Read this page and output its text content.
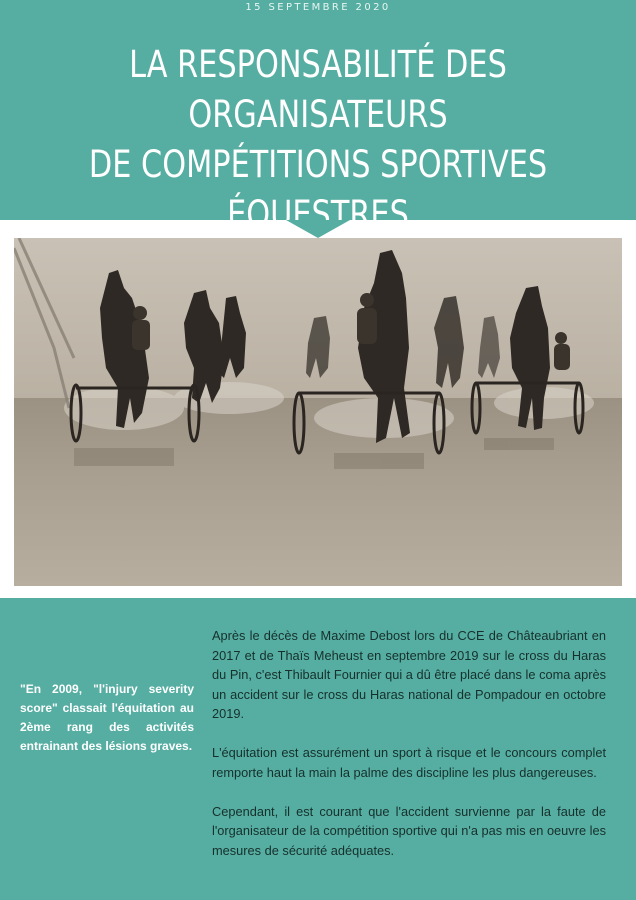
15 SEPTEMBRE 2020
LA RESPONSABILITÉ DES ORGANISATEURS
DE COMPÉTITIONS SPORTIVES ÉQUESTRES
"En 2009, "l'injury severity score" classait l'équitation au 2ème rang des activités entrainant des lésions graves.

Après le décès de Maxime Debost lors du CCE de Châteaubriant en 2017 et de Thaïs Meheust en septembre 2019 sur le cross du Haras du Pin, c'est Thibault Fournier qui a dû être placé dans le coma après un accident sur le cross du Haras national de Pompadour en octobre 2019.

L'équitation est assurément un sport à risque et le concours complet remporte haut la main la palme des discipline les plus dangereuses.

Cependant, il est courant que l'accident survienne par la faute de l'organisateur de la compétition sportive qui n'a pas mis en oeuvre les mesures de sécurité adéquates.
